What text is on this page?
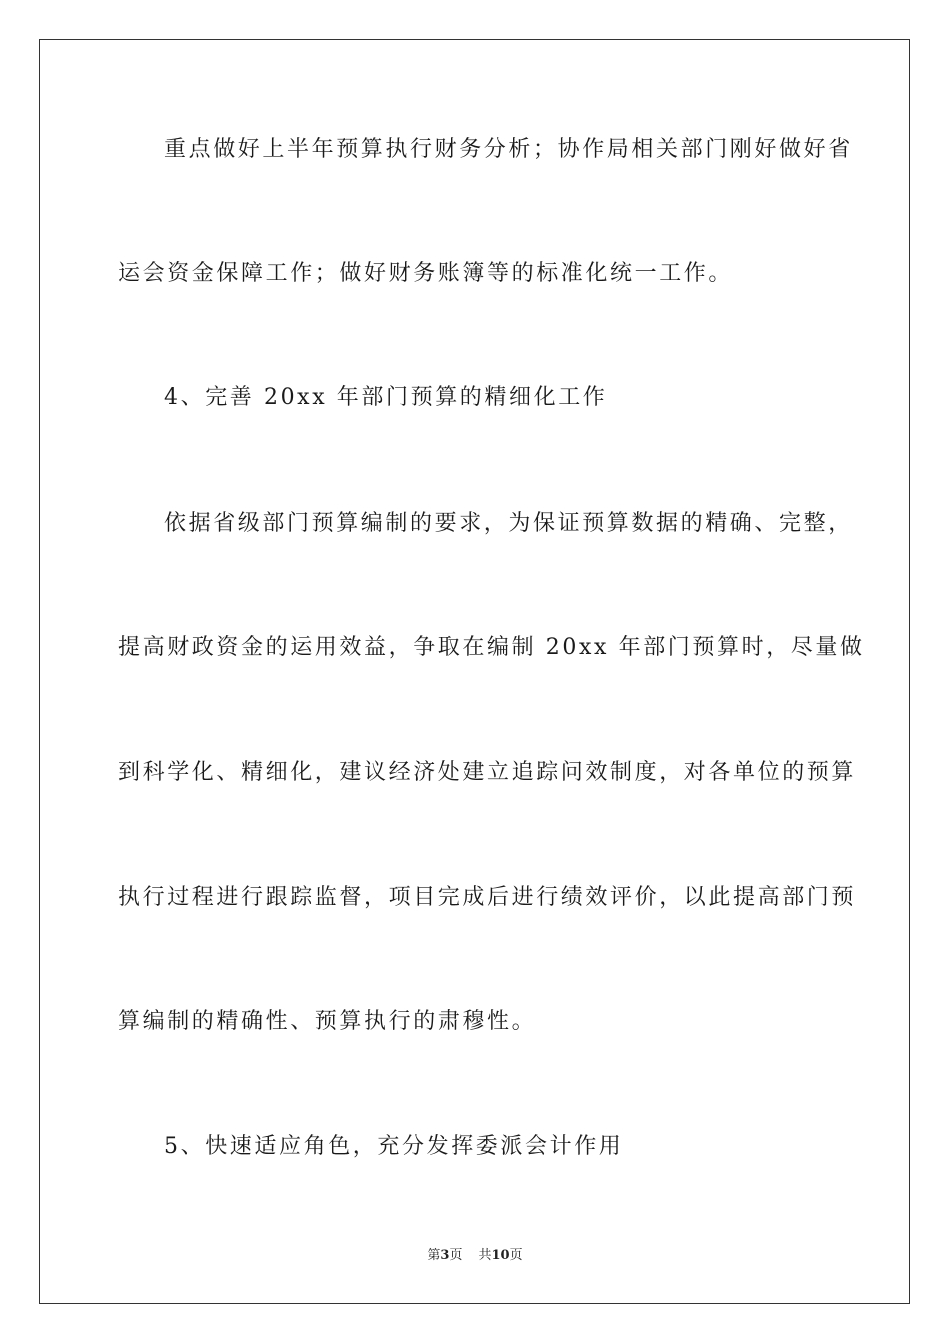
重点做好上半年预算执行财务分析；协作局相关部门刚好做好省
运会资金保障工作；做好财务账簿等的标准化统一工作。
4、完善 20xx 年部门预算的精细化工作
依据省级部门预算编制的要求，为保证预算数据的精确、完整，
提高财政资金的运用效益，争取在编制 20xx 年部门预算时，尽量做
到科学化、精细化，建议经济处建立追踪问效制度，对各单位的预算
执行过程进行跟踪监督，项目完成后进行绩效评价，以此提高部门预
算编制的精确性、预算执行的肃穆性。
5、快速适应角色，充分发挥委派会计作用
第3页 共10页
